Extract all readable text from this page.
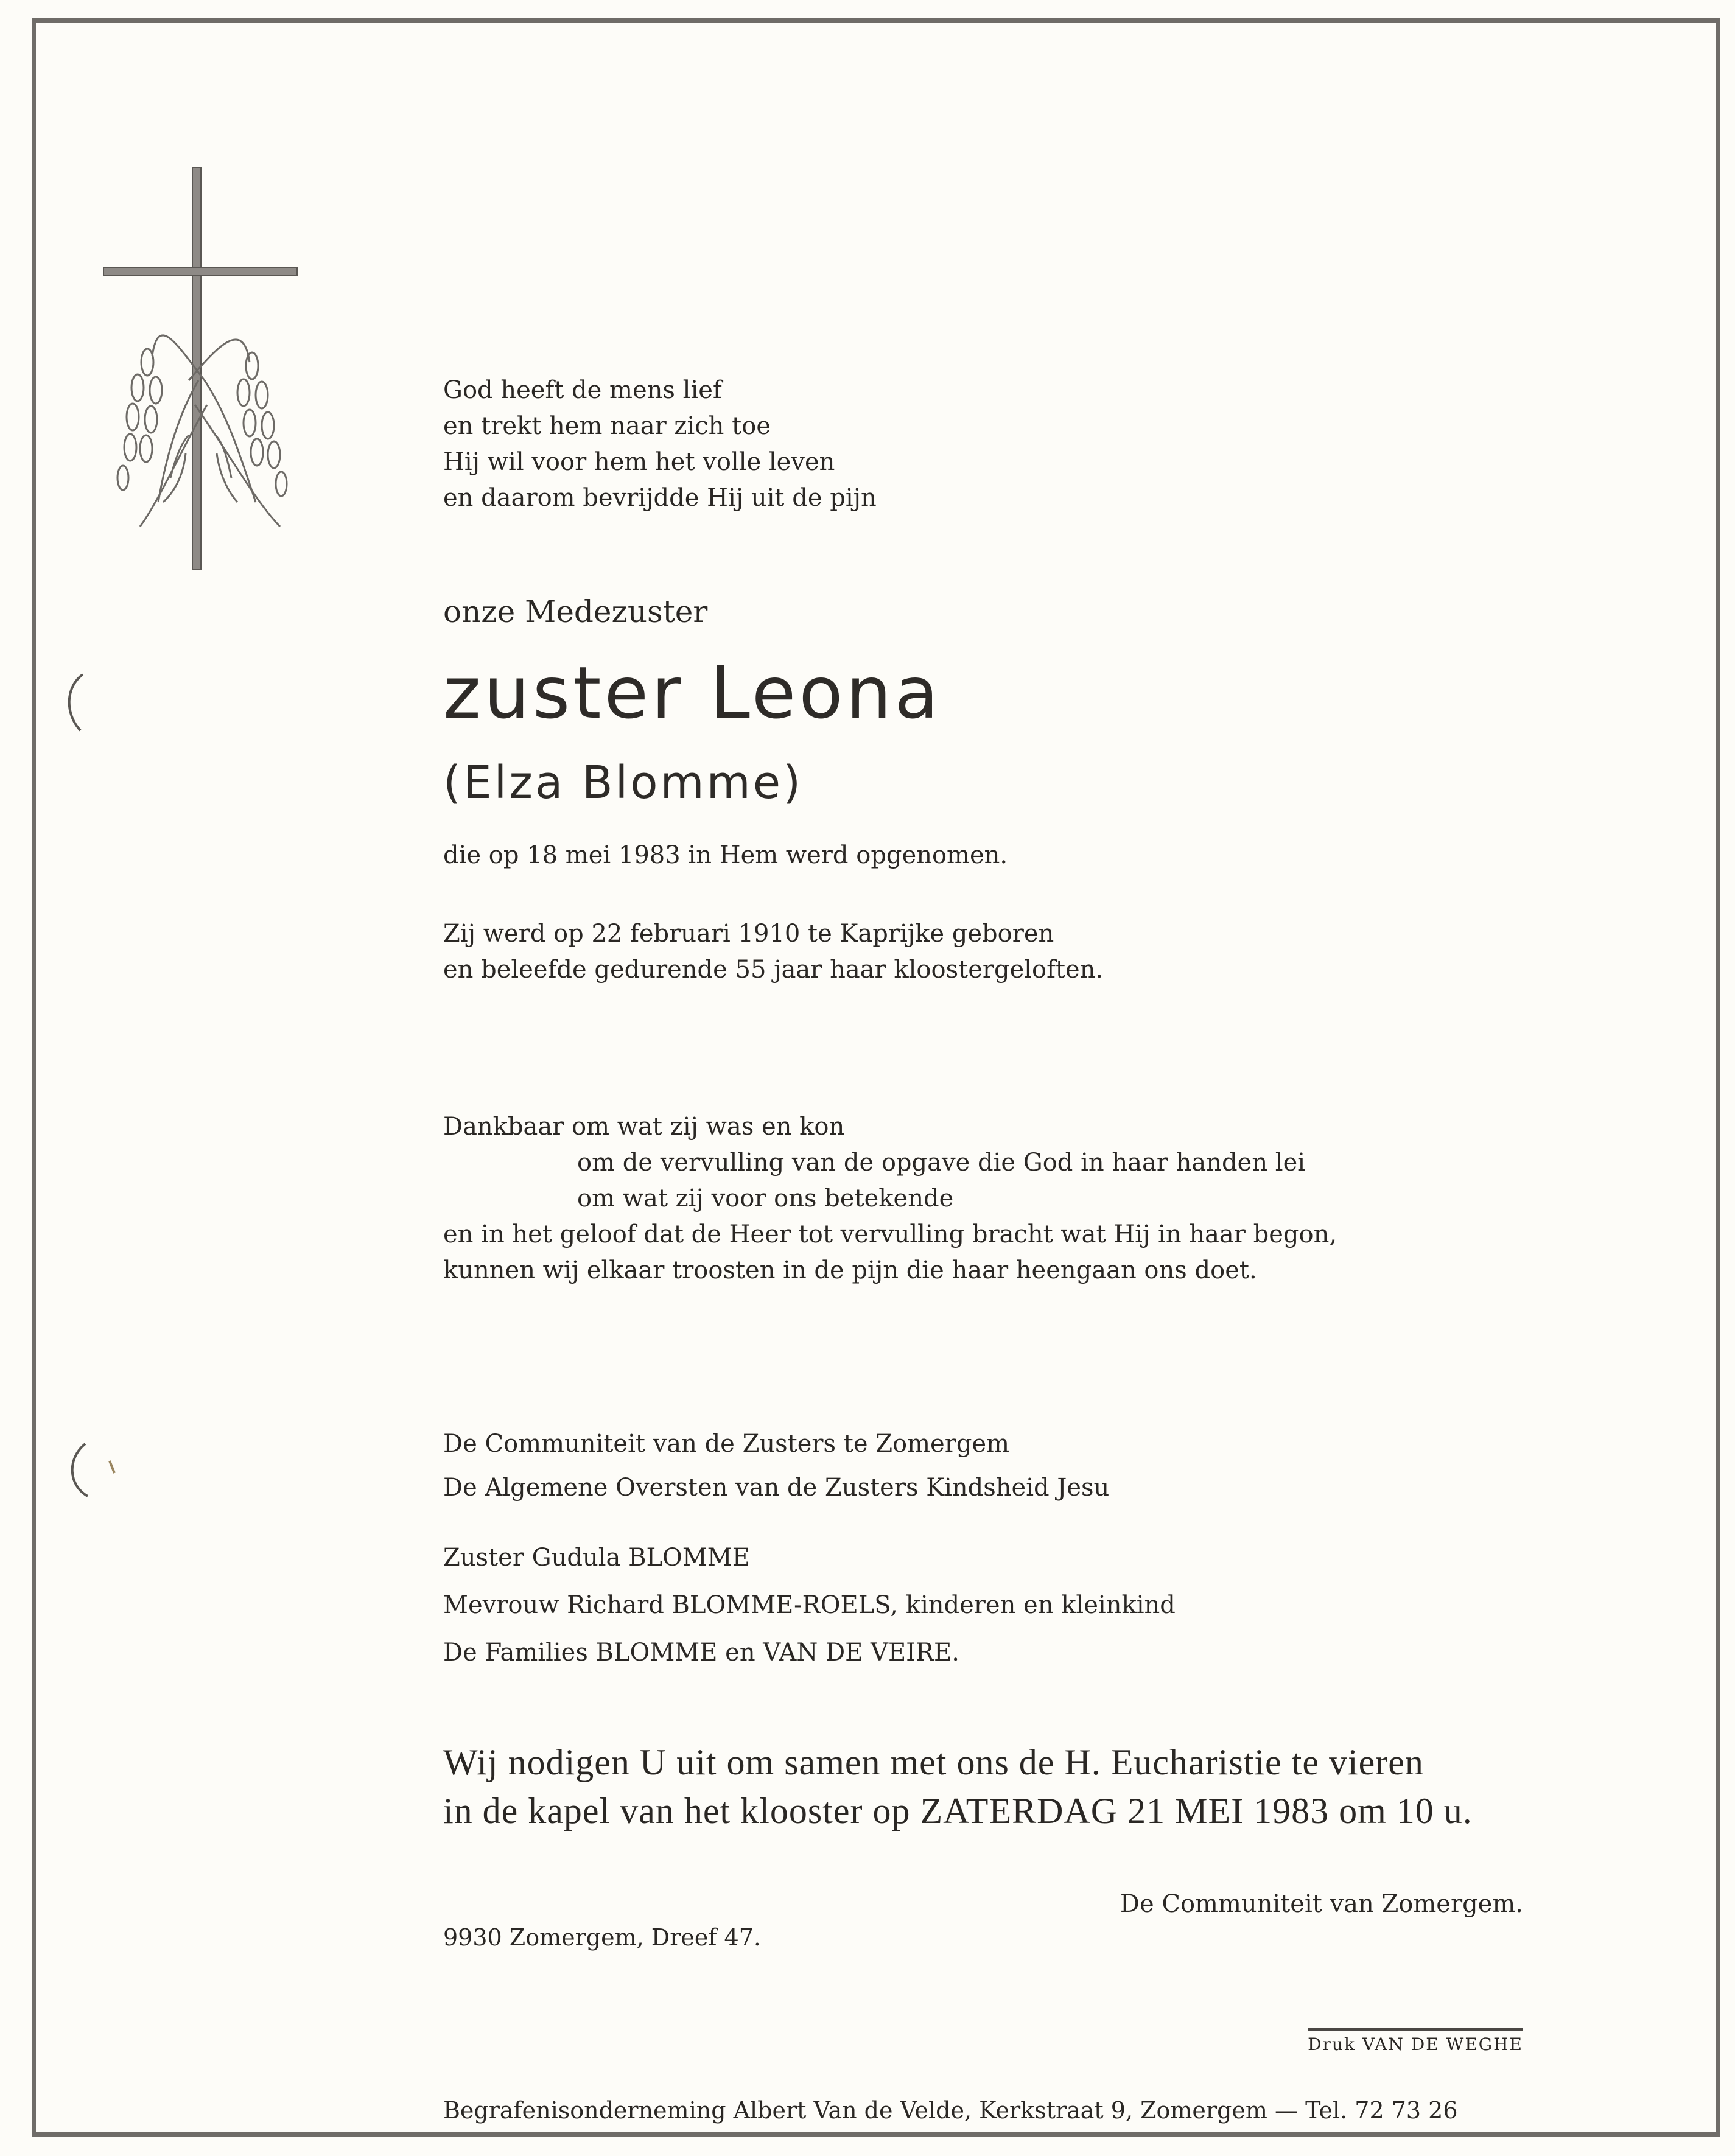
God heeft de mens lief
en trekt hem naar zich toe
Hij wil voor hem het volle leven
en daarom bevrijdde Hij uit de pijn
onze Medezuster
zuster Leona
(Elza Blomme)
die op 18 mei 1983 in Hem werd opgenomen.
Zij werd op 22 februari 1910 te Kaprijke geboren
en beleefde gedurende 55 jaar haar kloostergeloften.
Dankbaar om wat zij was en kon
om de vervulling van de opgave die God in haar handen lei
om wat zij voor ons betekende
en in het geloof dat de Heer tot vervulling bracht wat Hij in haar begon,
kunnen wij elkaar troosten in de pijn die haar heengaan ons doet.
De Communiteit van de Zusters te Zomergem
De Algemene Oversten van de Zusters Kindsheid Jesu
Zuster Gudula BLOMME
Mevrouw Richard BLOMME-ROELS, kinderen en kleinkind
De Families BLOMME en VAN DE VEIRE.
Wij nodigen U uit om samen met ons de H. Eucharistie te vieren
in de kapel van het klooster op ZATERDAG 21 MEI 1983 om 10 u.
De Communiteit van Zomergem.
9930 Zomergem, Dreef 47.
Druk VAN DE WEGHE
Begrafenisonderneming Albert Van de Velde, Kerkstraat 9, Zomergem — Tel. 72 73 26
